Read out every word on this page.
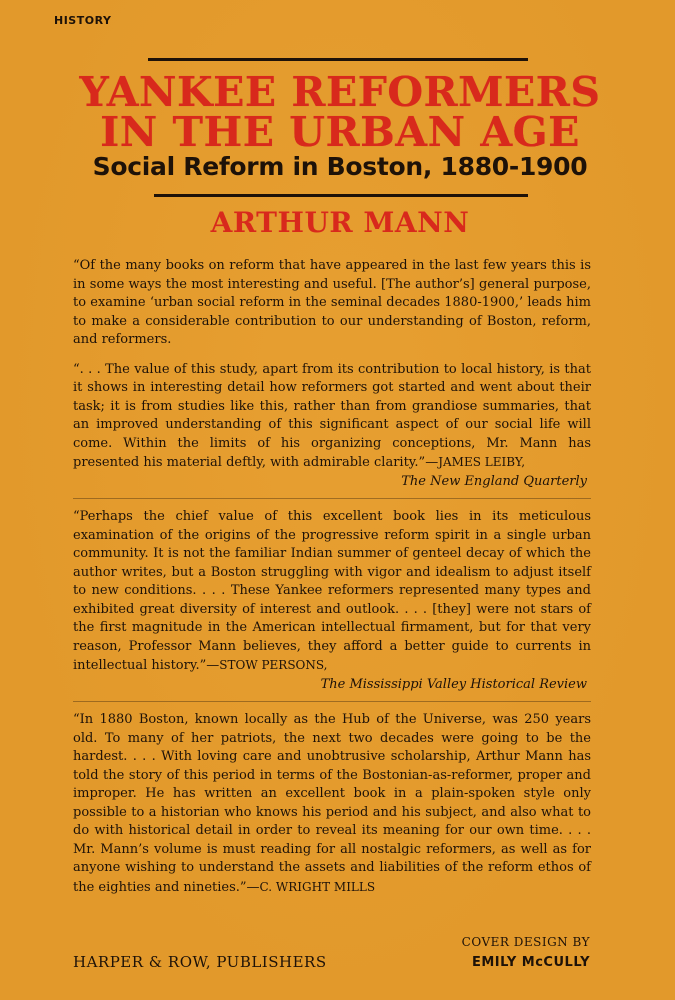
HISTORY
YANKEE REFORMERS
IN THE URBAN AGE
Social Reform in Boston, 1880-1900
ARTHUR MANN

“Of the many books on reform that have appeared in the last few years this is in some ways the most interesting and useful. [The author’s] general purpose, to examine ‘urban social reform in the seminal decades 1880-1900,’ leads him to make a considerable contribution to our understanding of Boston, reform, and reformers.

“. . . The value of this study, apart from its contribution to local history, is that it shows in interesting detail how reformers got started and went about their task; it is from studies like this, rather than from grandiose summaries, that an improved understanding of this significant aspect of our social life will come. Within the limits of his organizing conceptions, Mr. Mann has presented his material deftly, with admirable clarity.”—JAMES LEIBY,
The New England Quarterly

“Perhaps the chief value of this excellent book lies in its meticulous examination of the origins of the progressive reform spirit in a single urban community. It is not the familiar Indian summer of genteel decay of which the author writes, but a Boston struggling with vigor and idealism to adjust itself to new conditions. . . . These Yankee reformers represented many types and exhibited great diversity of interest and outlook. . . . [they] were not stars of the first magnitude in the American intellectual firmament, but for that very reason, Professor Mann believes, they afford a better guide to currents in intellectual history.”—STOW PERSONS,
The Mississippi Valley Historical Review

“In 1880 Boston, known locally as the Hub of the Universe, was 250 years old. To many of her patriots, the next two decades were going to be the hardest. . . . With loving care and unobtrusive scholarship, Arthur Mann has told the story of this period in terms of the Bostonian-as-reformer, proper and improper. He has written an excellent book in a plain-spoken style only possible to a historian who knows his period and his subject, and also what to do with historical detail in order to reveal its meaning for our own time. . . . Mr. Mann’s volume is must reading for all nostalgic reformers, as well as for anyone wishing to understand the assets and liabilities of the reform ethos of the eighties and nineties.”—C. WRIGHT MILLS

HARPER & ROW, PUBLISHERS
COVER DESIGN BY
EMILY McCULLY
